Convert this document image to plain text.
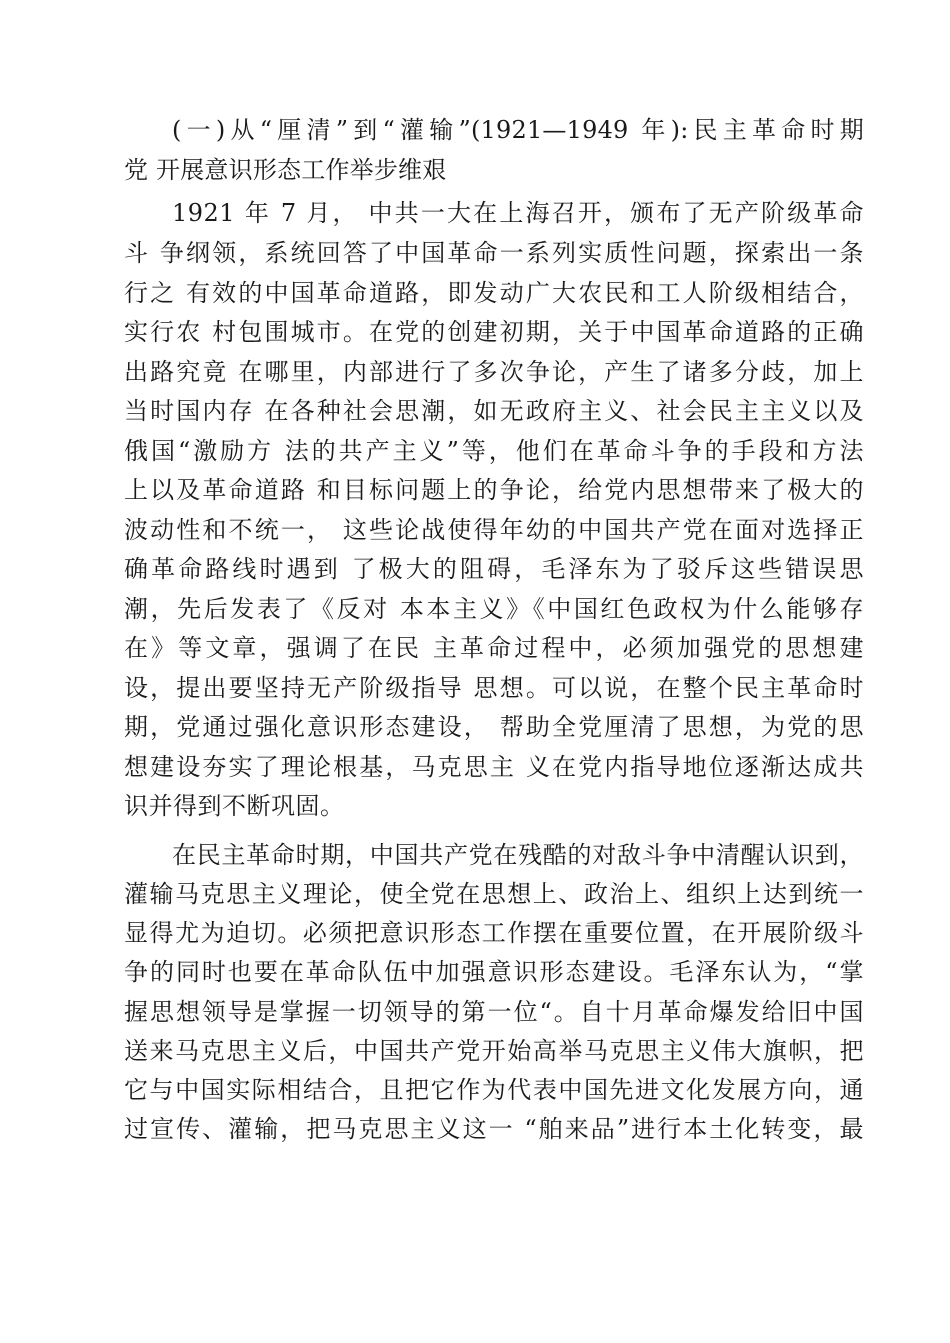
(一)从“厘清”到“灌输”(1921—1949 年):民主革命时期
党 开展意识形态工作举步维艰
1921 年 7 月， 中共一大在上海召开，颁布了无产阶级革命
斗 争纲领，系统回答了中国革命一系列实质性问题，探索出一条
行之 有效的中国革命道路，即发动广大农民和工人阶级相结合，
实行农 村包围城市。在党的创建初期，关于中国革命道路的正确
出路究竟 在哪里，内部进行了多次争论，产生了诸多分歧，加上
当时国内存 在各种社会思潮，如无政府主义、社会民主主义以及
俄国“激励方 法的共产主义”等，他们在革命斗争的手段和方法
上以及革命道路 和目标问题上的争论，给党内思想带来了极大的
波动性和不统一， 这些论战使得年幼的中国共产党在面对选择正
确革命路线时遇到 了极大的阻碍，毛泽东为了驳斥这些错误思
潮，先后发表了《反对 本本主义》《中国红色政权为什么能够存
在》等文章，强调了在民 主革命过程中，必须加强党的思想建
设，提出要坚持无产阶级指导 思想。可以说，在整个民主革命时
期，党通过强化意识形态建设， 帮助全党厘清了思想，为党的思
想建设夯实了理论根基，马克思主 义在党内指导地位逐渐达成共
识并得到不断巩固。
在民主革命时期，中国共产党在残酷的对敌斗争中清醒认识到，
灌输马克思主义理论，使全党在思想上、政治上、组织上达到统一
显得尤为迫切。必须把意识形态工作摆在重要位置，在开展阶级斗
争的同时也要在革命队伍中加强意识形态建设。毛泽东认为，“掌
握思想领导是掌握一切领导的第一位“。自十月革命爆发给旧中国
送来马克思主义后，中国共产党开始高举马克思主义伟大旗帜，把
它与中国实际相结合，且把它作为代表中国先进文化发展方向，通
过宣传、灌输，把马克思主义这一 “舶来品”进行本土化转变，最
